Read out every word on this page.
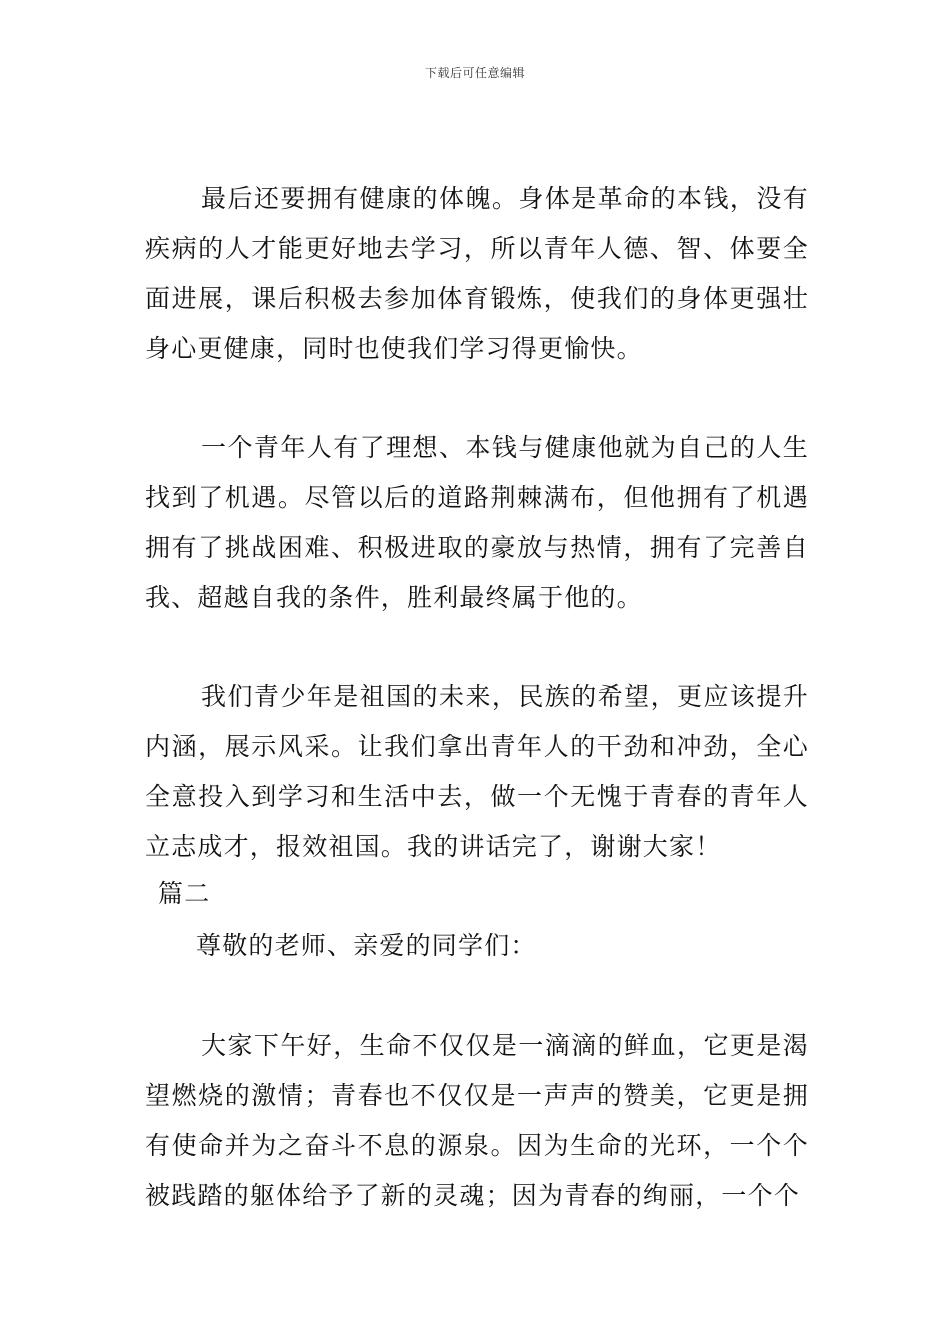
下载后可任意编辑
最后还要拥有健康的体魄。身体是革命的本钱，没有疾病的人才能更好地去学习，所以青年人德、智、体要全面进展，课后积极去参加体育锻炼，使我们的身体更强壮身心更健康，同时也使我们学习得更愉快。
一个青年人有了理想、本钱与健康他就为自己的人生找到了机遇。尽管以后的道路荆棘满布，但他拥有了机遇拥有了挑战困难、积极进取的豪放与热情，拥有了完善自我、超越自我的条件，胜利最终属于他的。
我们青少年是祖国的未来，民族的希望，更应该提升内涵，展示风采。让我们拿出青年人的干劲和冲劲，全心全意投入到学习和生活中去，做一个无愧于青春的青年人立志成才，报效祖国。我的讲话完了，谢谢大家！
篇二
尊敬的老师、亲爱的同学们：
大家下午好，生命不仅仅是一滴滴的鲜血，它更是渴望燃烧的激情；青春也不仅仅是一声声的赞美，它更是拥有使命并为之奋斗不息的源泉。因为生命的光环，一个个被践踏的躯体给予了新的灵魂；因为青春的绚丽，一个个
